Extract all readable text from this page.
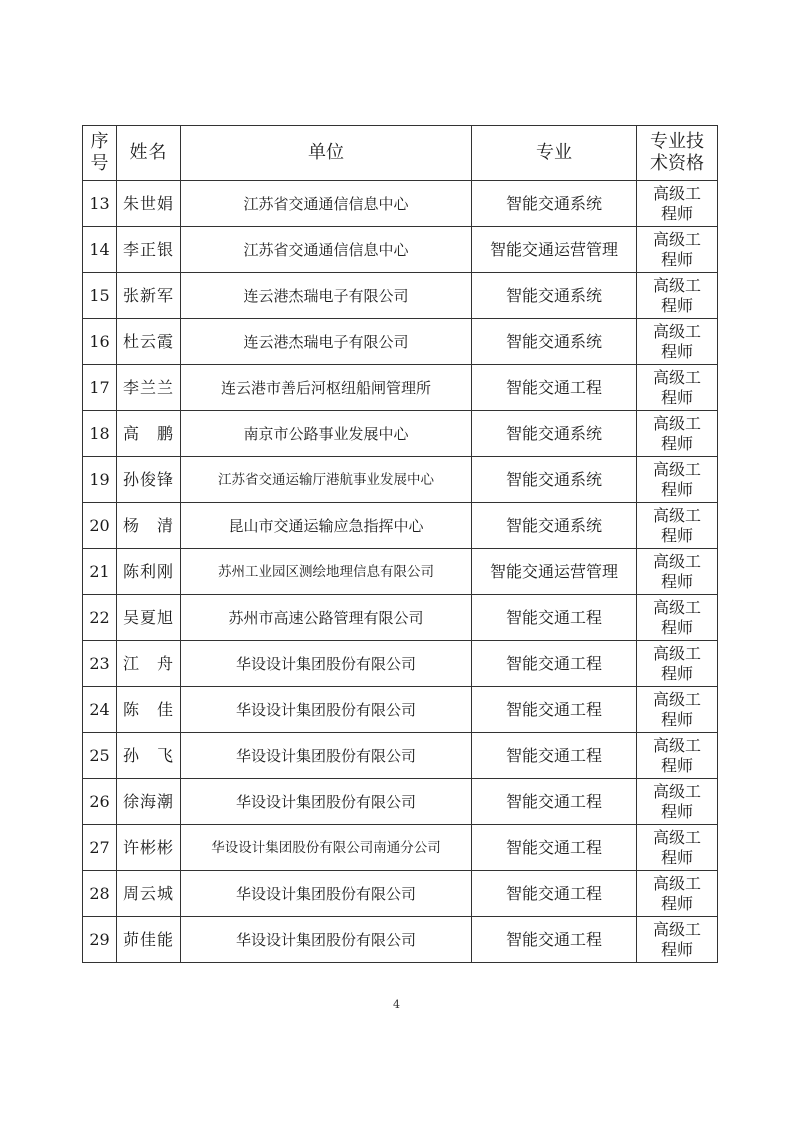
序号	姓名	单位	专业	专业技术资格
13	朱世娟	江苏省交通通信信息中心	智能交通系统	高级工程师
14	李正银	江苏省交通通信信息中心	智能交通运营管理	高级工程师
15	张新军	连云港杰瑞电子有限公司	智能交通系统	高级工程师
16	杜云霞	连云港杰瑞电子有限公司	智能交通系统	高级工程师
17	李兰兰	连云港市善后河枢纽船闸管理所	智能交通工程	高级工程师
18	高　鹏	南京市公路事业发展中心	智能交通系统	高级工程师
19	孙俊锋	江苏省交通运输厅港航事业发展中心	智能交通系统	高级工程师
20	杨　清	昆山市交通运输应急指挥中心	智能交通系统	高级工程师
21	陈利刚	苏州工业园区测绘地理信息有限公司	智能交通运营管理	高级工程师
22	吴夏旭	苏州市高速公路管理有限公司	智能交通工程	高级工程师
23	江　舟	华设设计集团股份有限公司	智能交通工程	高级工程师
24	陈　佳	华设设计集团股份有限公司	智能交通工程	高级工程师
25	孙　飞	华设设计集团股份有限公司	智能交通工程	高级工程师
26	徐海潮	华设设计集团股份有限公司	智能交通工程	高级工程师
27	许彬彬	华设设计集团股份有限公司南通分公司	智能交通工程	高级工程师
28	周云城	华设设计集团股份有限公司	智能交通工程	高级工程师
29	茆佳能	华设设计集团股份有限公司	智能交通工程	高级工程师
4
